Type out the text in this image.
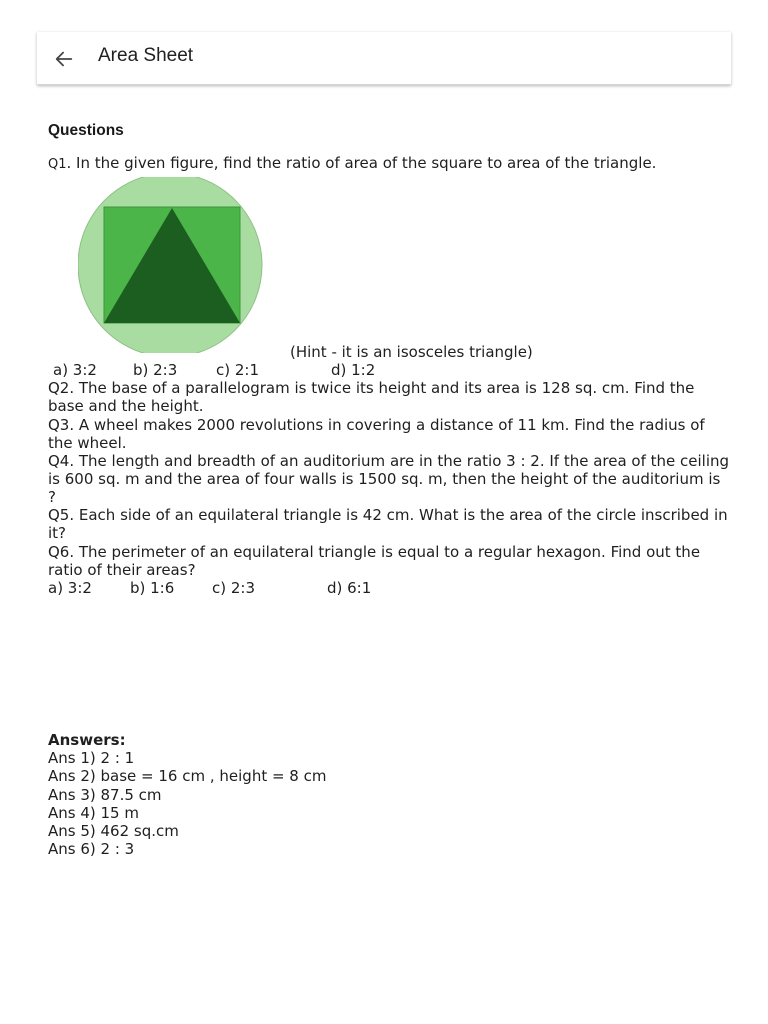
Area Sheet
Questions
Q1. In the given figure, find the ratio of area of the square to area of the triangle.
(Hint - it is an isosceles triangle)
a) 3:2 b) 2:3	c) 2:1	d) 1:2
Q2. The base of a parallelogram is twice its height and its area is 128 sq. cm. Find the base and the height.
Q3. A wheel makes 2000 revolutions in covering a distance of 11 km. Find the radius of the wheel.
Q4. The length and breadth of an auditorium are in the ratio 3 : 2. If the area of the ceiling is 600 sq. m and the area of four walls is 1500 sq. m, then the height of the auditorium is ?
Q5. Each side of an equilateral triangle is 42 cm. What is the area of the circle inscribed in it?
Q6. The perimeter of an equilateral triangle is equal to a regular hexagon. Find out the ratio of their areas?
a) 3:2	b) 1:6	c) 2:3	d) 6:1
Answers:
Ans 1) 2 : 1
Ans 2) base = 16 cm , height = 8 cm
Ans 3) 87.5 cm
Ans 4) 15 m
Ans 5) 462 sq.cm
Ans 6) 2 : 3
